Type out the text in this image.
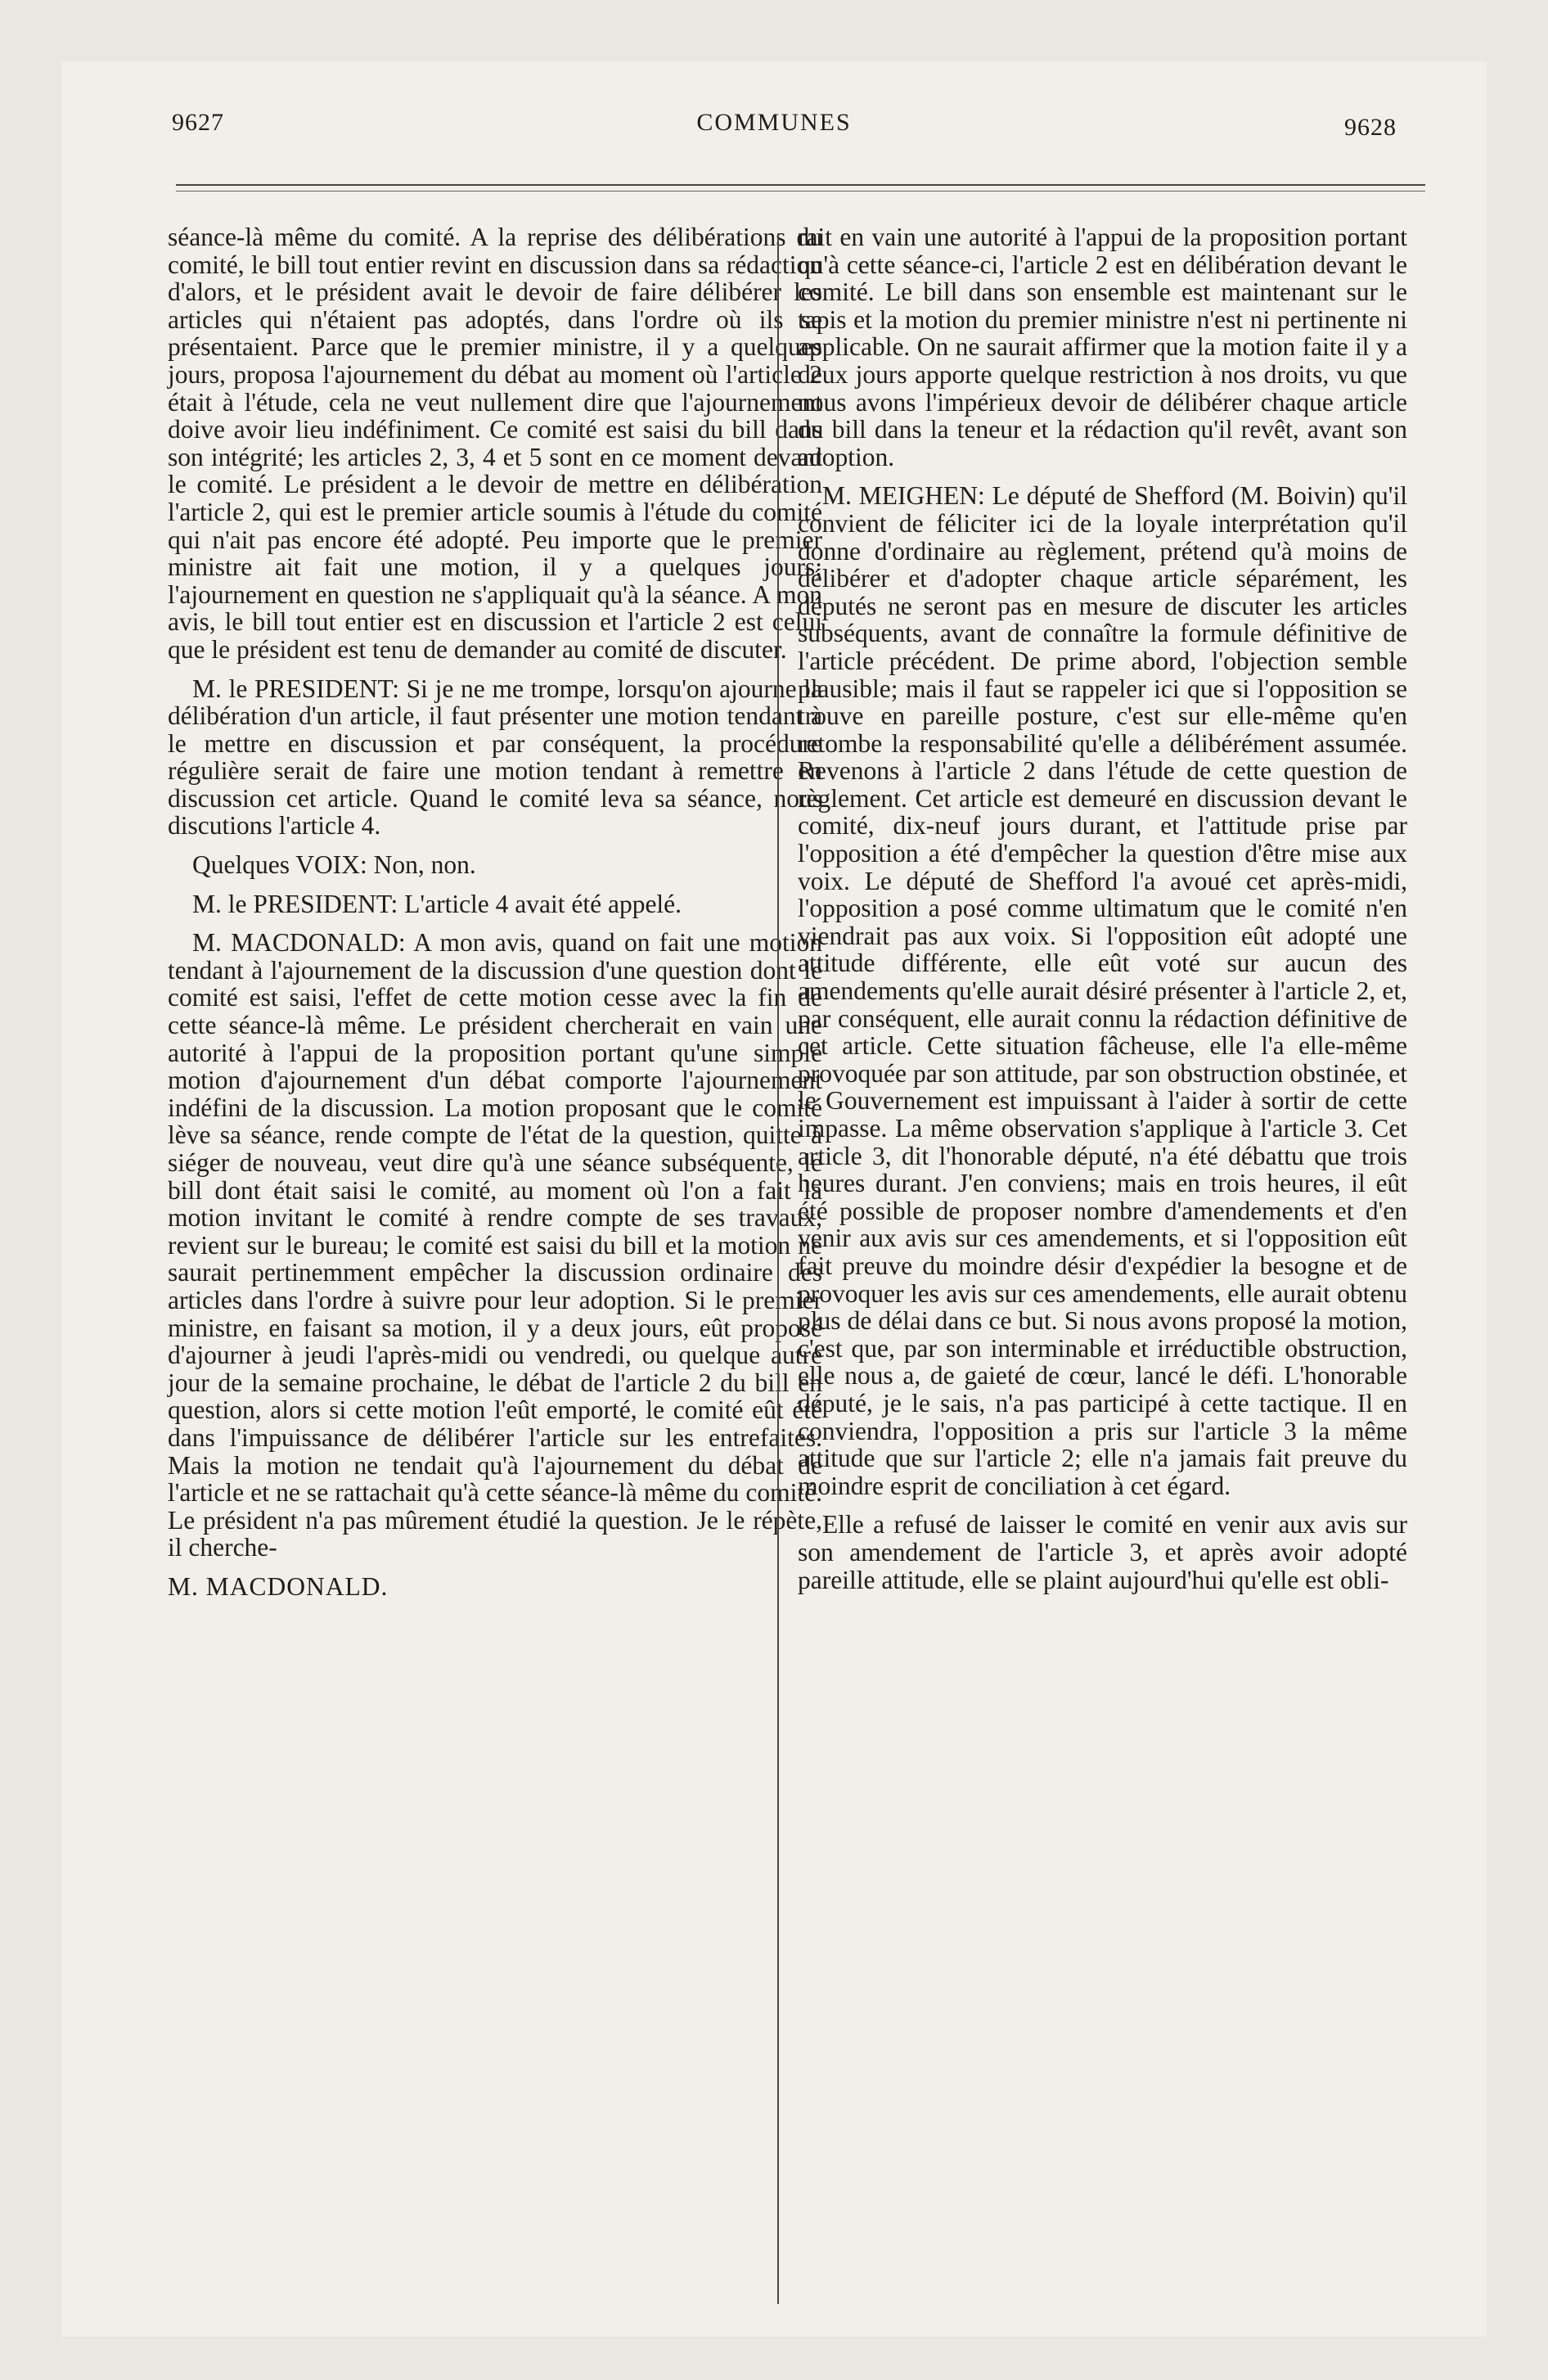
9627	COMMUNES	9628

séance-là même du comité. A la reprise des délibérations du comité, le bill tout entier revint en discussion dans sa rédaction d'alors, et le président avait le devoir de faire délibérer les articles qui n'étaient pas adoptés, dans l'ordre où ils se présentaient. Parce que le premier ministre, il y a quelques jours, proposa l'ajournement du débat au moment où l'article 2 était à l'étude, cela ne veut nullement dire que l'ajournement doive avoir lieu indéfiniment. Ce comité est saisi du bill dans son intégrité; les articles 2, 3, 4 et 5 sont en ce moment devant le comité. Le président a le devoir de mettre en délibération l'article 2, qui est le premier article soumis à l'étude du comité qui n'ait pas encore été adopté. Peu importe que le premier ministre ait fait une motion, il y a quelques jours; l'ajournement en question ne s'appliquait qu'à la séance. A mon avis, le bill tout entier est en discussion et l'article 2 est celui que le président est tenu de demander au comité de discuter.

M. le PRESIDENT: Si je ne me trompe, lorsqu'on ajourne la délibération d'un article, il faut présenter une motion tendant à le mettre en discussion et par conséquent, la procédure régulière serait de faire une motion tendant à remettre en discussion cet article. Quand le comité leva sa séance, nous discutions l'article 4.

Quelques VOIX: Non, non.

M. le PRESIDENT: L'article 4 avait été appelé.

M. MACDONALD: A mon avis, quand on fait une motion tendant à l'ajournement de la discussion d'une question dont le comité est saisi, l'effet de cette motion cesse avec la fin de cette séance-là même. Le président chercherait en vain une autorité à l'appui de la proposition portant qu'une simple motion d'ajournement d'un débat comporte l'ajournement indéfini de la discussion. La motion proposant que le comité lève sa séance, rende compte de l'état de la question, quitte à siéger de nouveau, veut dire qu'à une séance subséquente, le bill dont était saisi le comité, au moment où l'on a fait la motion invitant le comité à rendre compte de ses travaux, revient sur le bureau; le comité est saisi du bill et la motion ne saurait pertinemment empêcher la discussion ordinaire des articles dans l'ordre à suivre pour leur adoption. Si le premier ministre, en faisant sa motion, il y a deux jours, eût proposé d'ajourner à jeudi l'après-midi ou vendredi, ou quelque autre jour de la semaine prochaine, le débat de l'article 2 du bill en question, alors si cette motion l'eût emporté, le comité eût été dans l'impuissance de délibérer l'article sur les entrefaites. Mais la motion ne tendait qu'à l'ajournement du débat de l'article et ne se rattachait qu'à cette séance-là même du comité. Le président n'a pas mûrement étudié la question. Je le répète, il cherche-

M. MACDONALD.

rait en vain une autorité à l'appui de la proposition portant qu'à cette séance-ci, l'article 2 est en délibération devant le comité. Le bill dans son ensemble est maintenant sur le tapis et la motion du premier ministre n'est ni pertinente ni applicable. On ne saurait affirmer que la motion faite il y a deux jours apporte quelque restriction à nos droits, vu que nous avons l'impérieux devoir de délibérer chaque article du bill dans la teneur et la rédaction qu'il revêt, avant son adoption.

M. MEIGHEN: Le député de Shefford (M. Boivin) qu'il convient de féliciter ici de la loyale interprétation qu'il donne d'ordinaire au règlement, prétend qu'à moins de délibérer et d'adopter chaque article séparément, les députés ne seront pas en mesure de discuter les articles subséquents, avant de connaître la formule définitive de l'article précédent. De prime abord, l'objection semble plausible; mais il faut se rappeler ici que si l'opposition se trouve en pareille posture, c'est sur elle-même qu'en retombe la responsabilité qu'elle a délibérément assumée. Revenons à l'article 2 dans l'étude de cette question de règlement. Cet article est demeuré en discussion devant le comité, dix-neuf jours durant, et l'attitude prise par l'opposition a été d'empêcher la question d'être mise aux voix. Le député de Shefford l'a avoué cet après-midi, l'opposition a posé comme ultimatum que le comité n'en viendrait pas aux voix. Si l'opposition eût adopté une attitude différente, elle eût voté sur aucun des amendements qu'elle aurait désiré présenter à l'article 2, et, par conséquent, elle aurait connu la rédaction définitive de cet article. Cette situation fâcheuse, elle l'a elle-même provoquée par son attitude, par son obstruction obstinée, et le Gouvernement est impuissant à l'aider à sortir de cette impasse. La même observation s'applique à l'article 3. Cet article 3, dit l'honorable député, n'a été débattu que trois heures durant. J'en conviens; mais en trois heures, il eût été possible de proposer nombre d'amendements et d'en venir aux avis sur ces amendements, et si l'opposition eût fait preuve du moindre désir d'expédier la besogne et de provoquer les avis sur ces amendements, elle aurait obtenu plus de délai dans ce but. Si nous avons proposé la motion, c'est que, par son interminable et irréductible obstruction, elle nous a, de gaieté de cœur, lancé le défi. L'honorable député, je le sais, n'a pas participé à cette tactique. Il en conviendra, l'opposition a pris sur l'article 3 la même attitude que sur l'article 2; elle n'a jamais fait preuve du moindre esprit de conciliation à cet égard.

Elle a refusé de laisser le comité en venir aux avis sur son amendement de l'article 3, et après avoir adopté pareille attitude, elle se plaint aujourd'hui qu'elle est obli-
